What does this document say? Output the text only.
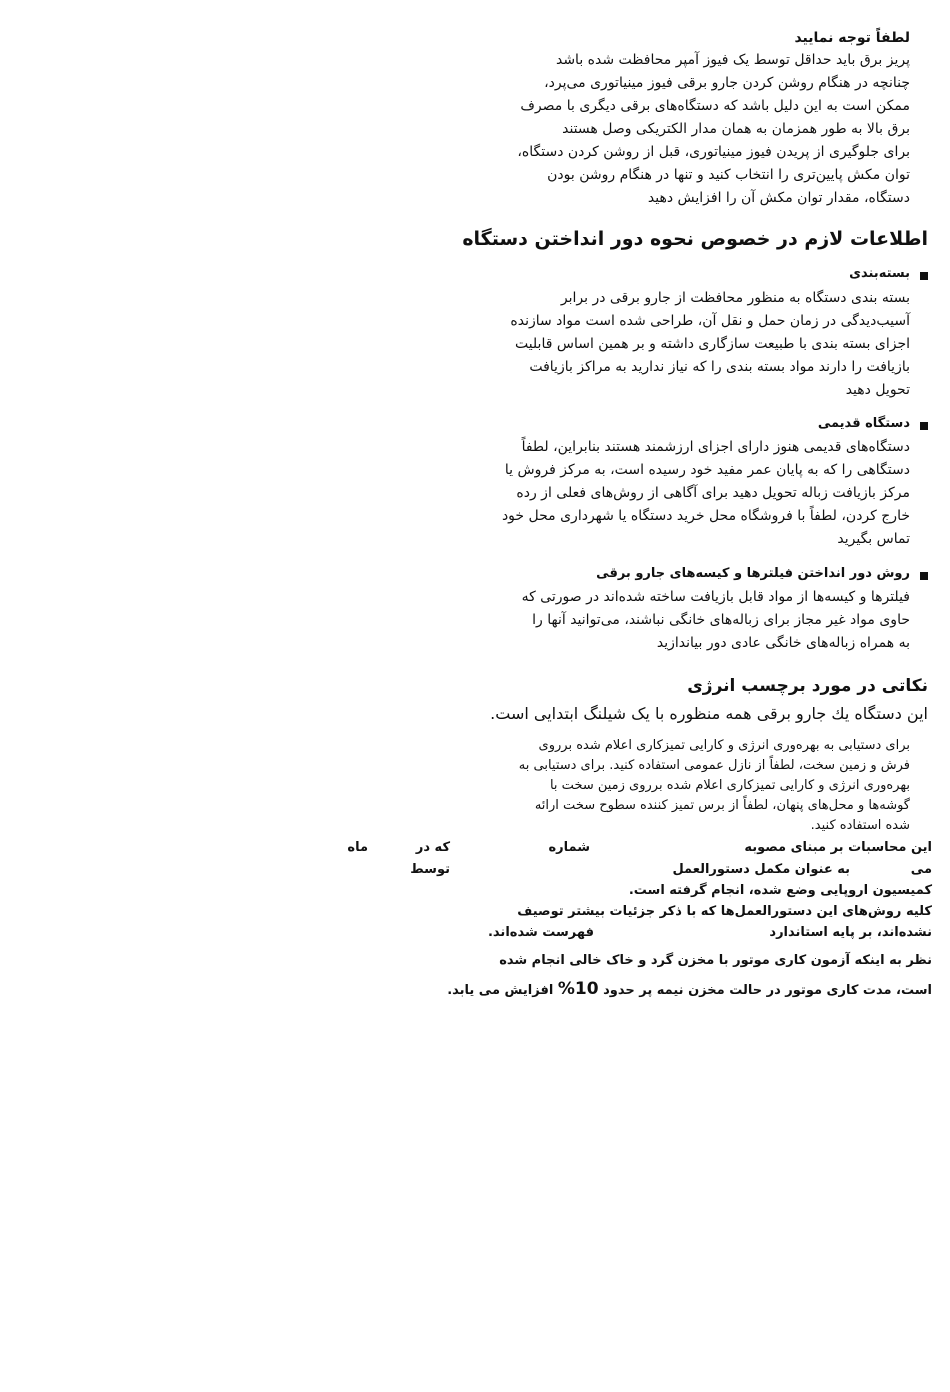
لطفاً توجه نمایید
پریز برق باید حداقل توسط یک فیوز آمپر محافظت شده باشد
چنانچه در هنگام روشن کردن جارو برقی فیوز مینیاتوری می‌پرد،
ممکن است به این دلیل باشد که دستگاه‌های برقی دیگری با مصرف
برق بالا به طور همزمان به همان مدار الکتریکی وصل هستند
برای جلوگیری از پریدن فیوز مینیاتوری، قبل از روشن کردن دستگاه،
توان مکش پایین‌تری را انتخاب کنید و تنها در هنگام روشن بودن
دستگاه، مقدار توان مکش آن را افزایش دهید
اطلاعات لازم در خصوص نحوه دور انداختن دستگاه
بسته‌بندی
بسته بندی دستگاه به منظور محافظت از جارو برقی در برابر
آسیب‌دیدگی در زمان حمل و نقل آن، طراحی شده است مواد سازنده
اجزای بسته بندی با طبیعت سازگاری داشته و بر همین اساس قابلیت
بازیافت را دارند مواد بسته بندی را که نیاز ندارید به مراکز بازیافت
تحویل دهید
دستگاه قدیمی
دستگاه‌های قدیمی هنوز دارای اجزای ارزشمند هستند بنابراین، لطفاً
دستگاهی را که به پایان عمر مفید خود رسیده است، به مرکز فروش یا
مرکز بازیافت زباله تحویل دهید برای آگاهی از روش‌های فعلی از رده
خارج کردن، لطفاً با فروشگاه محل خرید دستگاه یا شهرداری محل خود
تماس بگیرید
روش دور انداختن فیلترها و کیسه‌های جارو برقی
فیلترها و کیسه‌ها از مواد قابل بازیافت ساخته شده‌اند در صورتی که
حاوی مواد غیر مجاز برای زباله‌های خانگی نباشند، می‌توانید آنها را
به همراه زباله‌های خانگی عادی دور بیاندازید
نکاتی در مورد برچسب انرژی
این دستگاه یك جارو برقی همه منظوره با یک شیلنگ ابتدایی است.
برای دستیابی به بهره‌وری انرژی و کارایی تمیزکاری اعلام شده برروی
فرش و زمین سخت، لطفاً از نازل عمومی استفاده کنید. برای دستیابی به
بهره‌وری انرژی و کارایی تمیزکاری اعلام شده برروی زمین سخت با
گوشه‌ها و محل‌های پنهان، لطفاً از برس تمیز کننده سطوح سخت ارائه
شده استفاده کنید.
این محاسبات بر مبنای مصوبه
شماره
که در
ماه
می
به عنوان مکمل دستورالعمل
توسط
کمیسیون اروپایی وضع شده، انجام گرفته است.
کلیه روش‌های این دستورالعمل‌ها که با ذکر جزئیات بیشتر توصیف
نشده‌اند، بر پایه استاندارد
فهرست شده‌اند.
نظر به اینکه آزمون کاری موتور با مخزن گرد و خاک خالی انجام شده
است، مدت کاری موتور در حالت مخزن نیمه پر حدود 10% افزایش می یابد.
